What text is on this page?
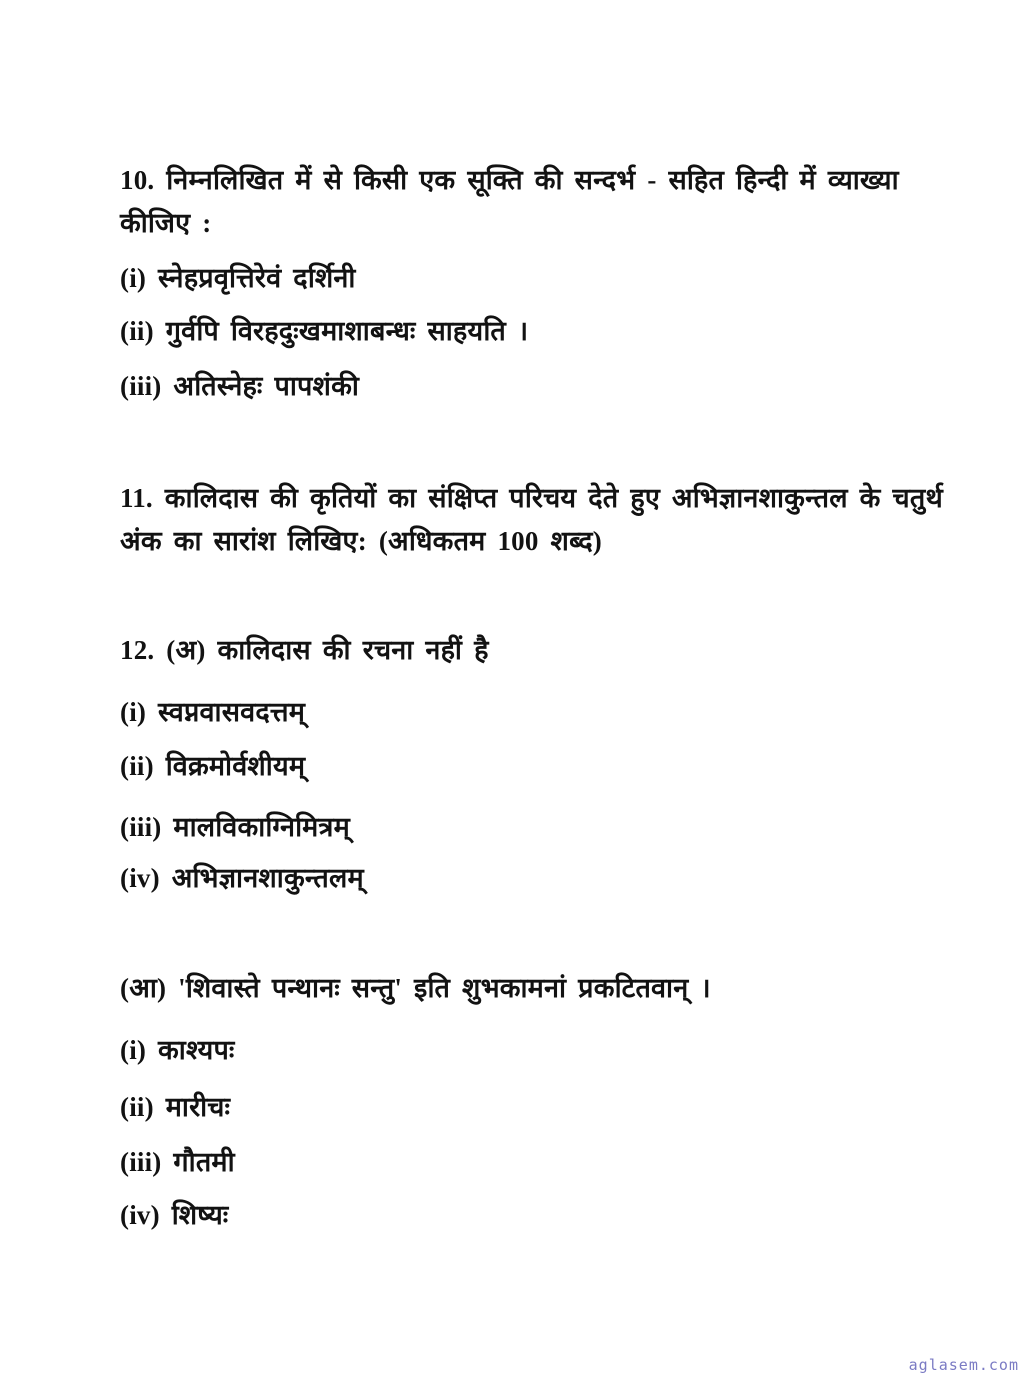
10. निम्नलिखित में से किसी एक सूक्ति की सन्दर्भ - सहित हिन्दी में व्याख्या
कीजिए :
(i) स्नेहप्रवृत्तिरेवं दर्शिनी
(ii) गुर्वपि विरहदुःखमाशाबन्धः साहयति ।
(iii) अतिस्नेहः पापशंकी
11. कालिदास की कृतियों का संक्षिप्त परिचय देते हुए अभिज्ञानशाकुन्तल के चतुर्थ
अंक का सारांश लिखिए: (अधिकतम 100 शब्द)
12. (अ) कालिदास की रचना नहीं है
(i) स्वप्नवासवदत्तम्
(ii) विक्रमोर्वशीयम्
(iii) मालविकाग्निमित्रम्
(iv) अभिज्ञानशाकुन्तलम्
(आ) 'शिवास्ते पन्थानः सन्तु' इति शुभकामनां प्रकटितवान् ।
(i) काश्यपः
(ii) मारीचः
(iii) गौतमी
(iv) शिष्यः
aglasem.com
